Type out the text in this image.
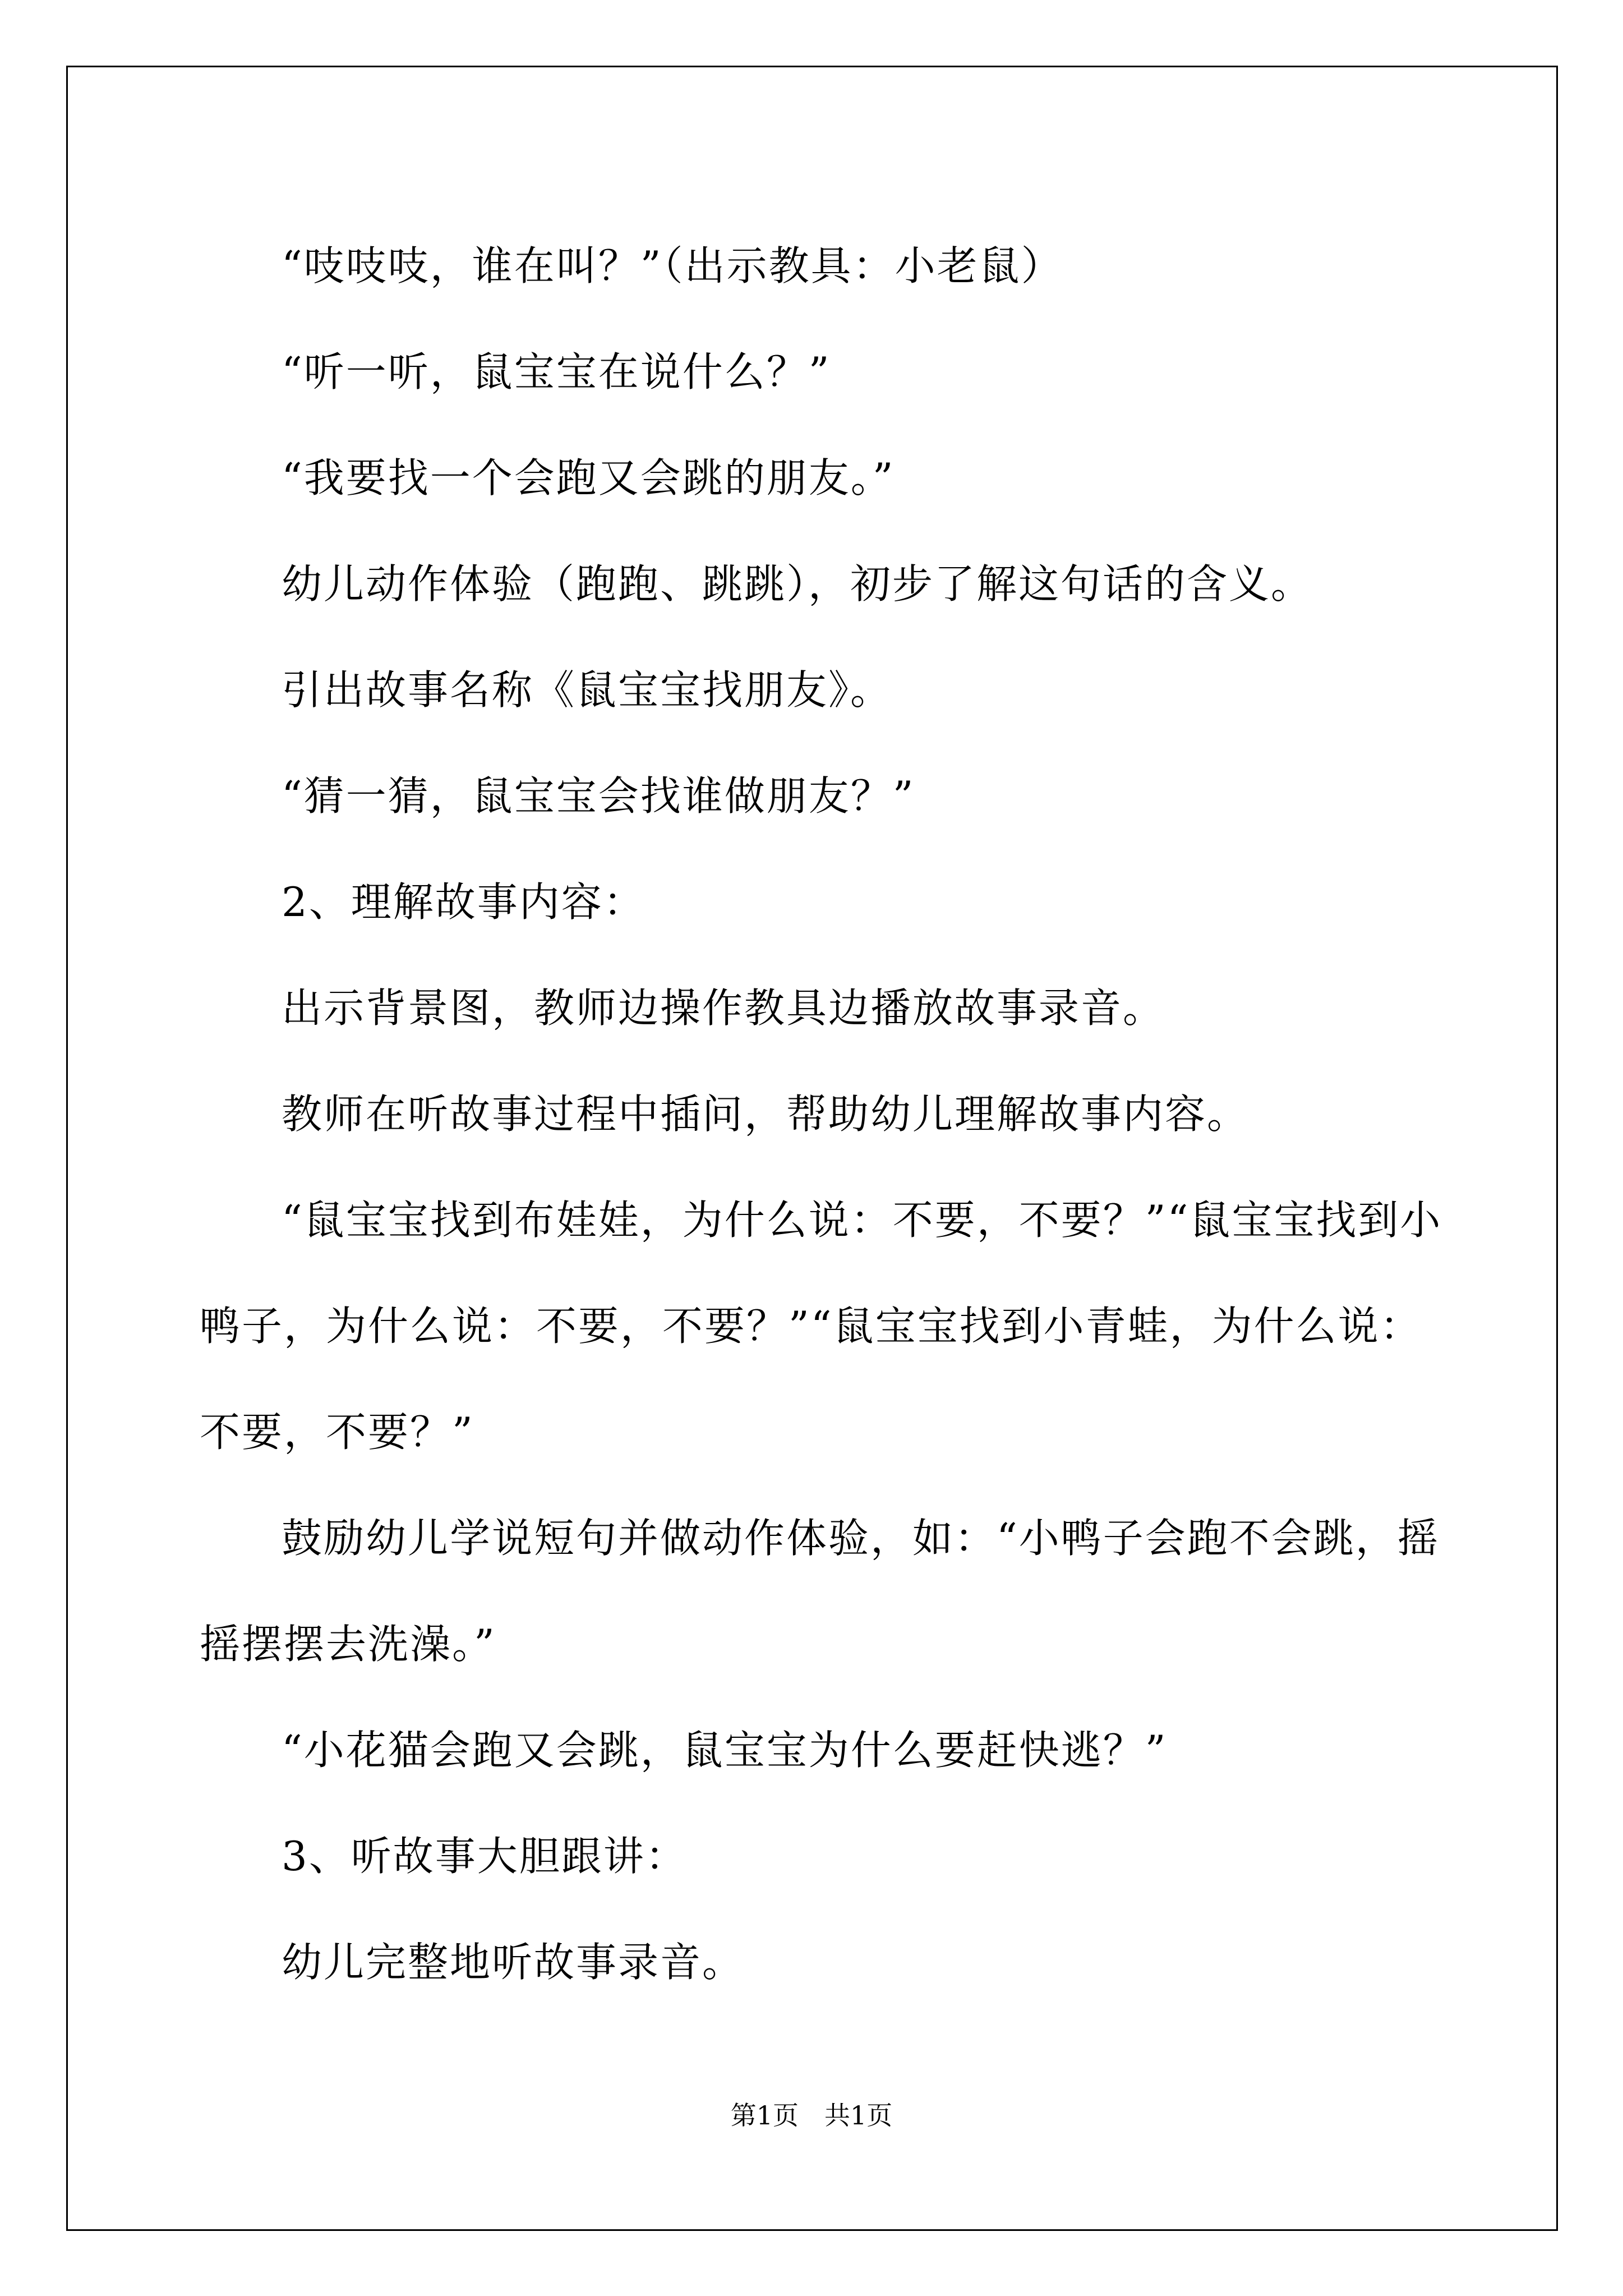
“吱吱吱，谁在叫？”（出示教具：小老鼠）

“听一听，鼠宝宝在说什么？”

“我要找一个会跑又会跳的朋友。”

幼儿动作体验（跑跑、跳跳），初步了解这句话的含义。

引出故事名称《鼠宝宝找朋友》。

“猜一猜，鼠宝宝会找谁做朋友？”

2、理解故事内容：

出示背景图，教师边操作教具边播放故事录音。

教师在听故事过程中插问，帮助幼儿理解故事内容。

“鼠宝宝找到布娃娃，为什么说：不要，不要？”“鼠宝宝找到小鸭子，为什么说：不要，不要？”“鼠宝宝找到小青蛙，为什么说：不要，不要？”

鼓励幼儿学说短句并做动作体验，如：“小鸭子会跑不会跳，摇摇摆摆去洗澡。”

“小花猫会跑又会跳，鼠宝宝为什么要赶快逃？”

3、听故事大胆跟讲：

幼儿完整地听故事录音。

第1页　共1页
